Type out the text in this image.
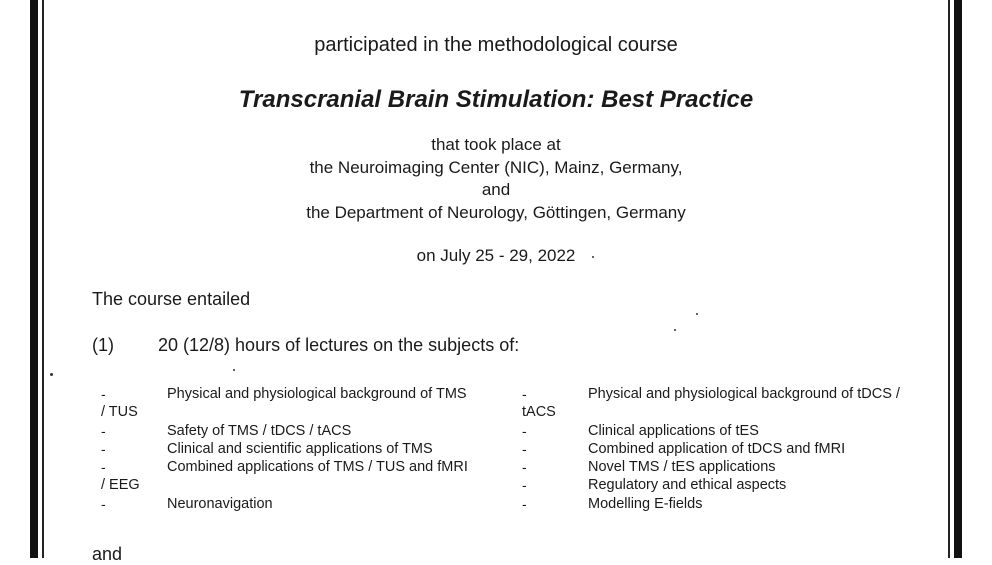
participated in the methodological course
Transcranial Brain Stimulation: Best Practice
that took place at
the Neuroimaging Center (NIC), Mainz, Germany,
and
the Department of Neurology, Göttingen, Germany
on July 25 - 29, 2022
The course entailed
(1) 20 (12/8) hours of lectures on the subjects of:
-	Physical and physiological background of TMS
/ TUS
-	Safety of TMS / tDCS / tACS
-	Clinical and scientific applications of TMS
-	Combined applications of TMS / TUS and fMRI
/ EEG
-	Neuronavigation
-	Physical and physiological background of tDCS /
tACS
-	Clinical applications of tES
-	Combined application of tDCS and fMRI
-	Novel TMS / tES applications
-	Regulatory and ethical aspects
-	Modelling E-fields
and
